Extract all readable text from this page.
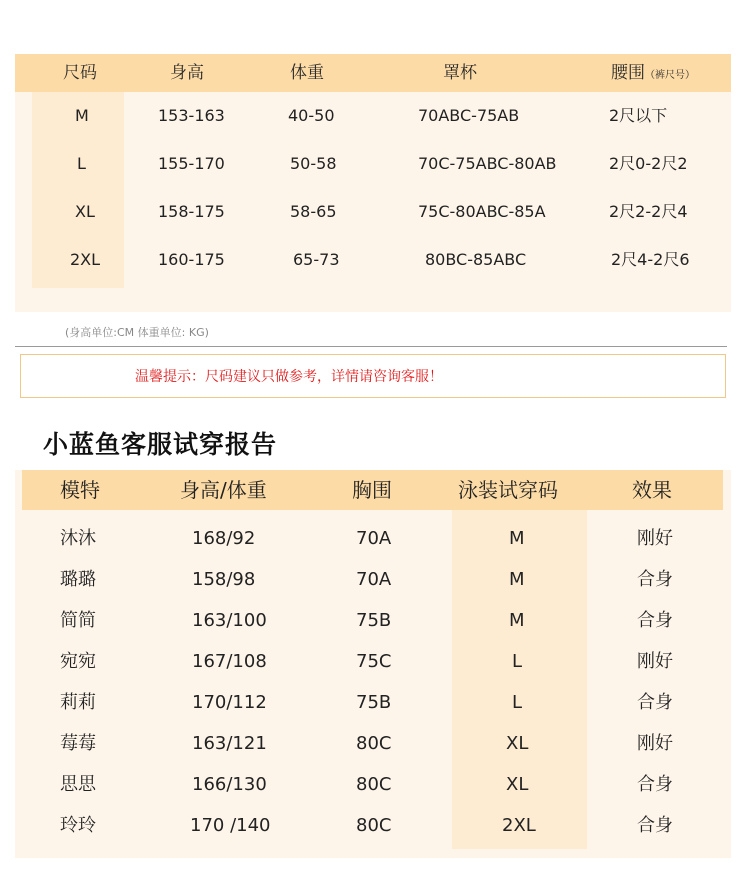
尺码	身高	体重	罩杯	腰围（裤尺号）
M	153-163	40-50	70ABC-75AB	2尺以下
L	155-170	50-58	70C-75ABC-80AB	2尺0-2尺2
XL	158-175	58-65	75C-80ABC-85A	2尺2-2尺4
2XL	160-175	65-73	80BC-85ABC	2尺4-2尺6
(身高单位:CM 体重单位: KG)
温馨提示：尺码建议只做参考，详情请咨询客服！
小蓝鱼客服试穿报告
模特	身高/体重	胸围	泳装试穿码	效果
沐沐	168/92	70A	M	刚好
璐璐	158/98	70A	M	合身
简简	163/100	75B	M	合身
宛宛	167/108	75C	L	刚好
莉莉	170/112	75B	L	合身
莓莓	163/121	80C	XL	刚好
思思	166/130	80C	XL	合身
玲玲	170 /140	80C	2XL	合身
